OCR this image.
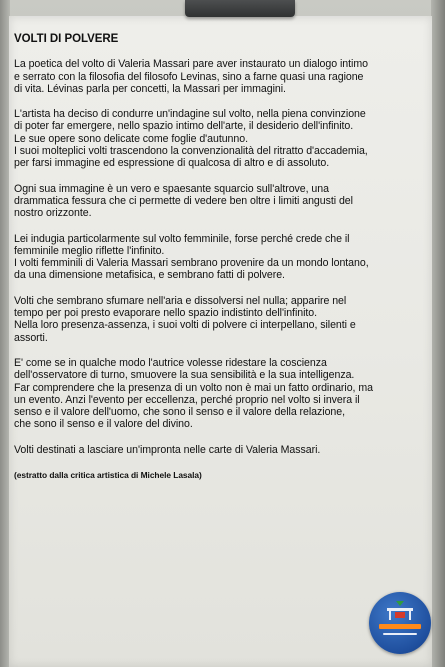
VOLTI DI POLVERE
La poetica del volto di Valeria Massari pare aver instaurato un dialogo intimo
e serrato con la filosofia del filosofo Levinas, sino a farne quasi una ragione
di vita. Lévinas parla per concetti, la Massari per immagini.
L'artista ha deciso di condurre un'indagine sul volto, nella piena convinzione
di poter far emergere, nello spazio intimo dell'arte, il desiderio dell'infinito.
Le sue opere sono delicate come foglie d'autunno.
I suoi molteplici volti trascendono la convenzionalità del ritratto d'accademia,
per farsi immagine ed espressione di qualcosa di altro e di assoluto.
Ogni sua immagine è un vero e spaesante squarcio sull'altrove, una
drammatica fessura che ci permette di vedere ben oltre i limiti angusti del
nostro orizzonte.
Lei indugia particolarmente sul volto femminile, forse perché crede che il
femminile meglio riflette l'infinito.
I volti femminili di Valeria Massari sembrano provenire da un mondo lontano,
da una dimensione metafisica, e sembrano fatti di polvere.
Volti che sembrano sfumare nell'aria e dissolversi nel nulla; apparire nel
tempo per poi presto evaporare nello spazio indistinto dell'infinito.
Nella loro presenza-assenza, i suoi volti di polvere ci interpellano, silenti e
assorti.
E' come se in qualche modo l'autrice volesse ridestare la coscienza
dell'osservatore di turno, smuovere la sua sensibilità e la sua intelligenza.
Far comprendere che la presenza di un volto non è mai un fatto ordinario, ma
un evento. Anzi l'evento per eccellenza, perché proprio nel volto si invera il
senso e il valore dell'uomo, che sono il senso e il valore della relazione,
che sono il senso e il valore del divino.
Volti destinati a lasciare un'impronta nelle carte di Valeria Massari.
(estratto dalla critica artistica di Michele Lasala)
